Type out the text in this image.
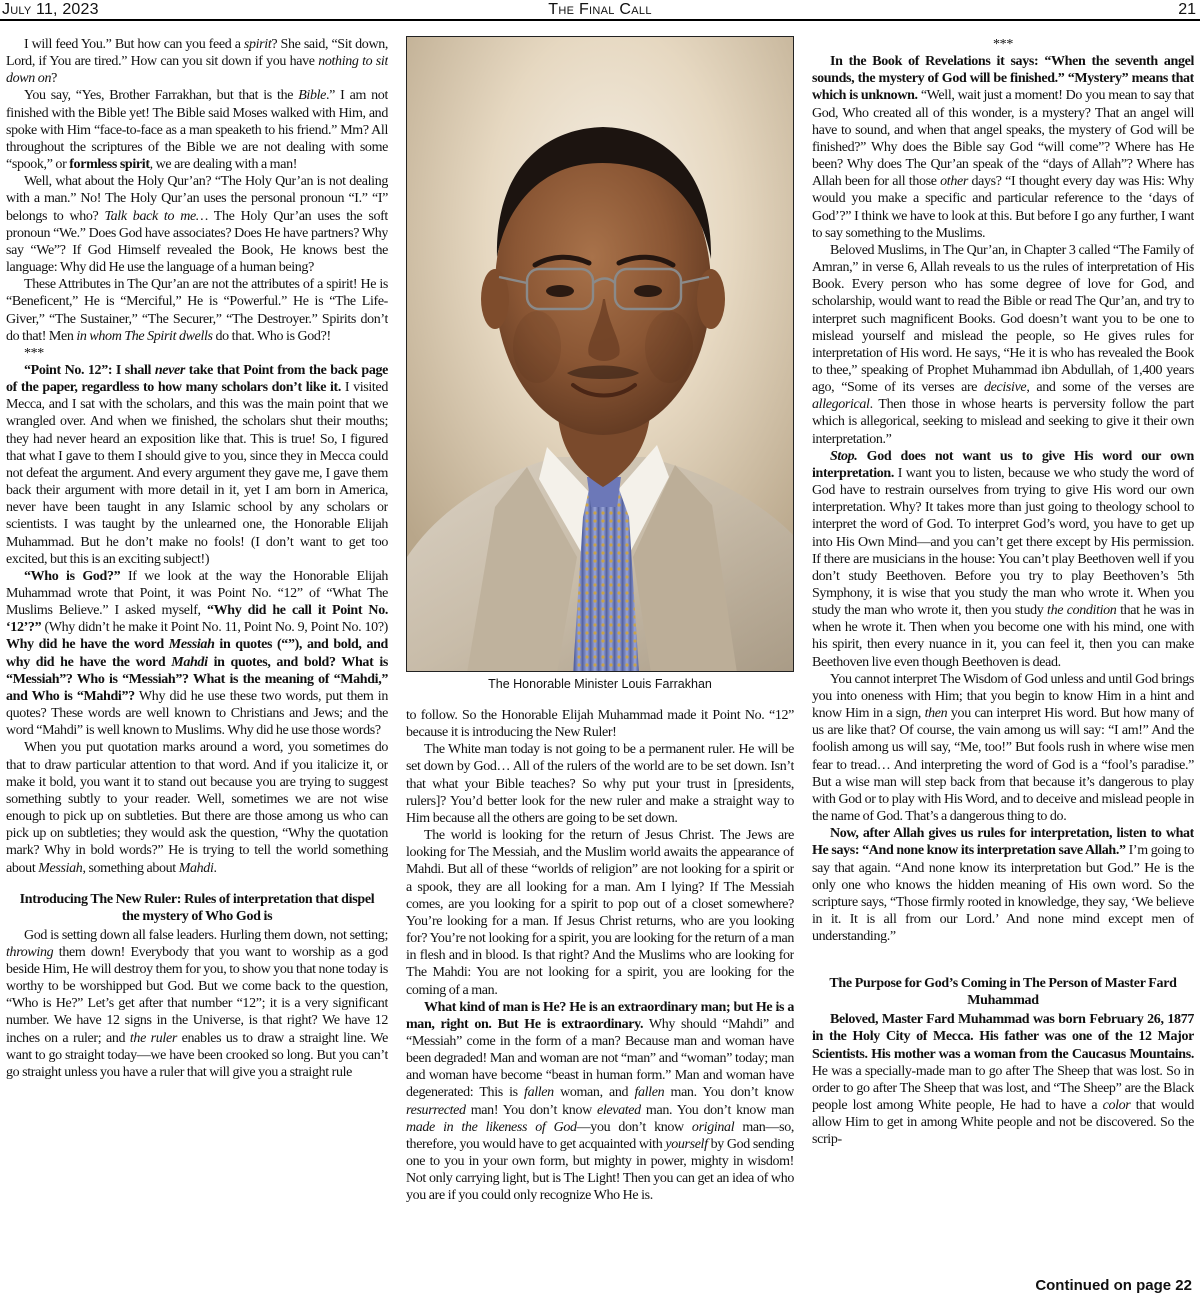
July 11, 2023	The Final Call	21

I will feed You.” But how can you feed a spirit? She said, “Sit down, Lord, if You are tired.” How can you sit down if you have nothing to sit down on?

You say, “Yes, Brother Farrakhan, but that is the Bible.” I am not finished with the Bible yet! The Bible said Moses walked with Him, and spoke with Him “face-to-face as a man speaketh to his friend.” Mm? All throughout the scriptures of the Bible we are not dealing with some “spook,” or formless spirit, we are dealing with a man!

Well, what about the Holy Qur’an? “The Holy Qur’an is not dealing with a man.” No! The Holy Qur’an uses the personal pronoun “I.” “I” belongs to who? Talk back to me… The Holy Qur’an uses the soft pronoun “We.” Does God have associates? Does He have partners? Why say “We”? If God Himself revealed the Book, He knows best the language: Why did He use the language of a human being?

These Attributes in The Qur’an are not the attributes of a spirit! He is “Beneficent,” He is “Merciful,” He is “Powerful.” He is “The Life-Giver,” “The Sustainer,” “The Securer,” “The Destroyer.” Spirits don’t do that! Men in whom The Spirit dwells do that. Who is God?!

***

“Point No. 12”: I shall never take that Point from the back page of the paper, regardless to how many scholars don’t like it. I visited Mecca, and I sat with the scholars, and this was the main point that we wrangled over. And when we finished, the scholars shut their mouths; they had never heard an exposition like that. This is true! So, I figured that what I gave to them I should give to you, since they in Mecca could not defeat the argument. And every argument they gave me, I gave them back their argument with more detail in it, yet I am born in America, never have been taught in any Islamic school by any scholars or scientists. I was taught by the unlearned one, the Honorable Elijah Muhammad. But he don’t make no fools! (I don’t want to get too excited, but this is an exciting subject!)

“Who is God?” If we look at the way the Honorable Elijah Muhammad wrote that Point, it was Point No. “12” of “What The Muslims Believe.” I asked myself, “Why did he call it Point No. ‘12’?” (Why didn’t he make it Point No. 11, Point No. 9, Point No. 10?) Why did he have the word Messiah in quotes (“”), and bold, and why did he have the word Mahdi in quotes, and bold? What is “Messiah”? Who is “Messiah”? What is the meaning of “Mahdi,” and Who is “Mahdi”? Why did he use these two words, put them in quotes? These words are well known to Christians and Jews; and the word “Mahdi” is well known to Muslims. Why did he use those words?

When you put quotation marks around a word, you sometimes do that to draw particular attention to that word. And if you italicize it, or make it bold, you want it to stand out because you are trying to suggest something subtly to your reader. Well, sometimes we are not wise enough to pick up on subtleties. But there are those among us who can pick up on subtleties; they would ask the question, “Why the quotation mark? Why in bold words?” He is trying to tell the world something about Messiah, something about Mahdi.

Introducing The New Ruler: Rules of interpretation that dispel the mystery of Who God is

God is setting down all false leaders. Hurling them down, not setting; throwing them down! Everybody that you want to worship as a god beside Him, He will destroy them for you, to show you that none today is worthy to be worshipped but God. But we come back to the question, “Who is He?” Let’s get after that number “12”; it is a very significant number. We have 12 signs in the Universe, is that right? We have 12 inches on a ruler; and the ruler enables us to draw a straight line. We want to go straight today—we have been crooked so long. But you can’t go straight unless you have a ruler that will give you a straight rule

The Honorable Minister Louis Farrakhan

to follow. So the Honorable Elijah Muhammad made it Point No. “12” because it is introducing the New Ruler!

The White man today is not going to be a permanent ruler. He will be set down by God… All of the rulers of the world are to be set down. Isn’t that what your Bible teaches? So why put your trust in [presidents, rulers]? You’d better look for the new ruler and make a straight way to Him because all the others are going to be set down.

The world is looking for the return of Jesus Christ. The Jews are looking for The Messiah, and the Muslim world awaits the appearance of Mahdi. But all of these “worlds of religion” are not looking for a spirit or a spook, they are all looking for a man. Am I lying? If The Messiah comes, are you looking for a spirit to pop out of a closet somewhere? You’re looking for a man. If Jesus Christ returns, who are you looking for? You’re not looking for a spirit, you are looking for the return of a man in flesh and in blood. Is that right? And the Muslims who are looking for The Mahdi: You are not looking for a spirit, you are looking for the coming of a man.

What kind of man is He? He is an extraordinary man; but He is a man, right on. But He is extraordinary. Why should “Mahdi” and “Messiah” come in the form of a man? Because man and woman have been degraded! Man and woman are not “man” and “woman” today; man and woman have become “beast in human form.” Man and woman have degenerated: This is fallen woman, and fallen man. You don’t know resurrected man! You don’t know elevated man. You don’t know man made in the likeness of God—you don’t know original man—so, therefore, you would have to get acquainted with yourself by God sending one to you in your own form, but mighty in power, mighty in wisdom! Not only carrying light, but is The Light! Then you can get an idea of who you are if you could only recognize Who He is.

***

In the Book of Revelations it says: “When the seventh angel sounds, the mystery of God will be finished.” “Mystery” means that which is unknown. “Well, wait just a moment! Do you mean to say that God, Who created all of this wonder, is a mystery? That an angel will have to sound, and when that angel speaks, the mystery of God will be finished?” Why does the Bible say God “will come”? Where has He been? Why does The Qur’an speak of the “days of Allah”? Where has Allah been for all those other days? “I thought every day was His: Why would you make a specific and particular reference to the ‘days of God’?” I think we have to look at this. But before I go any further, I want to say something to the Muslims.

Beloved Muslims, in The Qur’an, in Chapter 3 called “The Family of Amran,” in verse 6, Allah reveals to us the rules of interpretation of His Book. Every person who has some degree of love for God, and scholarship, would want to read the Bible or read The Qur’an, and try to interpret such magnificent Books. God doesn’t want you to be one to mislead yourself and mislead the people, so He gives rules for interpretation of His word. He says, “He it is who has revealed the Book to thee,” speaking of Prophet Muhammad ibn Abdullah, of 1,400 years ago, “Some of its verses are decisive, and some of the verses are allegorical. Then those in whose hearts is perversity follow the part which is allegorical, seeking to mislead and seeking to give it their own interpretation.”

Stop. God does not want us to give His word our own interpretation. I want you to listen, because we who study the word of God have to restrain ourselves from trying to give His word our own interpretation. Why? It takes more than just going to theology school to interpret the word of God. To interpret God’s word, you have to get up into His Own Mind—and you can’t get there except by His permission. If there are musicians in the house: You can’t play Beethoven well if you don’t study Beethoven. Before you try to play Beethoven’s 5th Symphony, it is wise that you study the man who wrote it. When you study the man who wrote it, then you study the condition that he was in when he wrote it. Then when you become one with his mind, one with his spirit, then every nuance in it, you can feel it, then you can make Beethoven live even though Beethoven is dead.

You cannot interpret The Wisdom of God unless and until God brings you into oneness with Him; that you begin to know Him in a hint and know Him in a sign, then you can interpret His word. But how many of us are like that? Of course, the vain among us will say: “I am!” And the foolish among us will say, “Me, too!” But fools rush in where wise men fear to tread… And interpreting the word of God is a “fool’s paradise.” But a wise man will step back from that because it’s dangerous to play with God or to play with His Word, and to deceive and mislead people in the name of God. That’s a dangerous thing to do.

Now, after Allah gives us rules for interpretation, listen to what He says: “And none know its interpretation save Allah.” I’m going to say that again. “And none know its interpretation but God.” He is the only one who knows the hidden meaning of His own word. So the scripture says, “Those firmly rooted in knowledge, they say, ‘We believe in it. It is all from our Lord.’ And none mind except men of understanding.”

The Purpose for God’s Coming in The Person of Master Fard Muhammad

Beloved, Master Fard Muhammad was born February 26, 1877 in the Holy City of Mecca. His father was one of the 12 Major Scientists. His mother was a woman from the Caucasus Mountains. He was a specially-made man to go after The Sheep that was lost. So in order to go after The Sheep that was lost, and “The Sheep” are the Black people lost among White people, He had to have a color that would allow Him to get in among White people and not be discovered. So the scrip-

Continued on page 22
